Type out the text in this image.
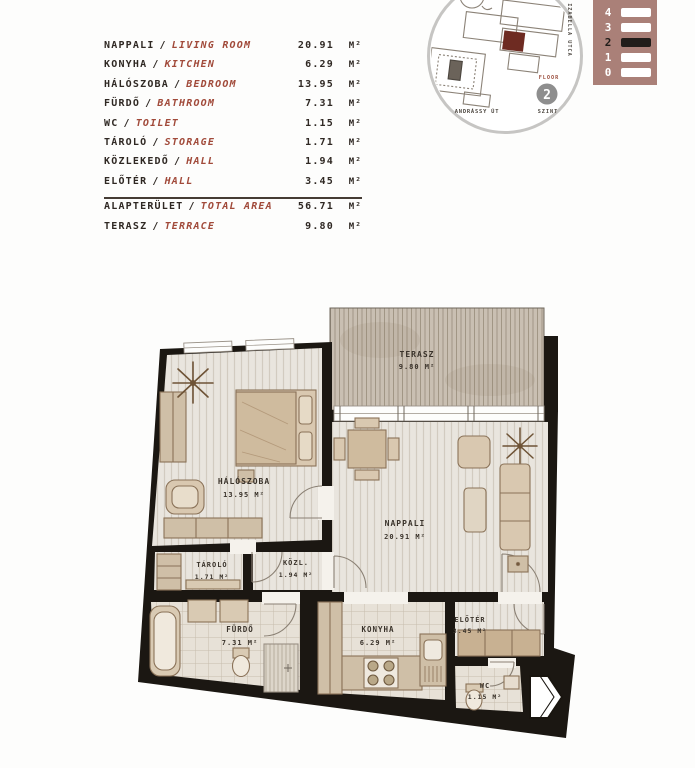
NAPPALI / LIVING ROOM	20.91	M²
KONYHA / KITCHEN	6.29	M²
HÁLÓSZOBA / BEDROOM	13.95	M²
FÜRDŐ / BATHROOM	7.31	M²
WC / TOILET	1.15	M²
TÁROLÓ / STORAGE	1.71	M²
KÖZLEKEDŐ / HALL	1.94	M²
ELŐTÉR / HALL	3.45	M²
ALAPTERÜLET / TOTAL AREA	56.71	M²
TERASZ / TERRACE	9.80	M²
IZABELLA UTCA
ANDRÁSSY ÚT
FLOOR
2
SZINT
4
3
2
1
0
TERASZ
9.80 M²
HÁLÓSZOBA
13.95 M²
NAPPALI
20.91 M²
TÁROLÓ
1.71 M²
KÖZL.
1.94 M²
FÜRDŐ
7.31 M²
KONYHA
6.29 M²
ELŐTÉR
3.45 M²
WC
1.15 M²
